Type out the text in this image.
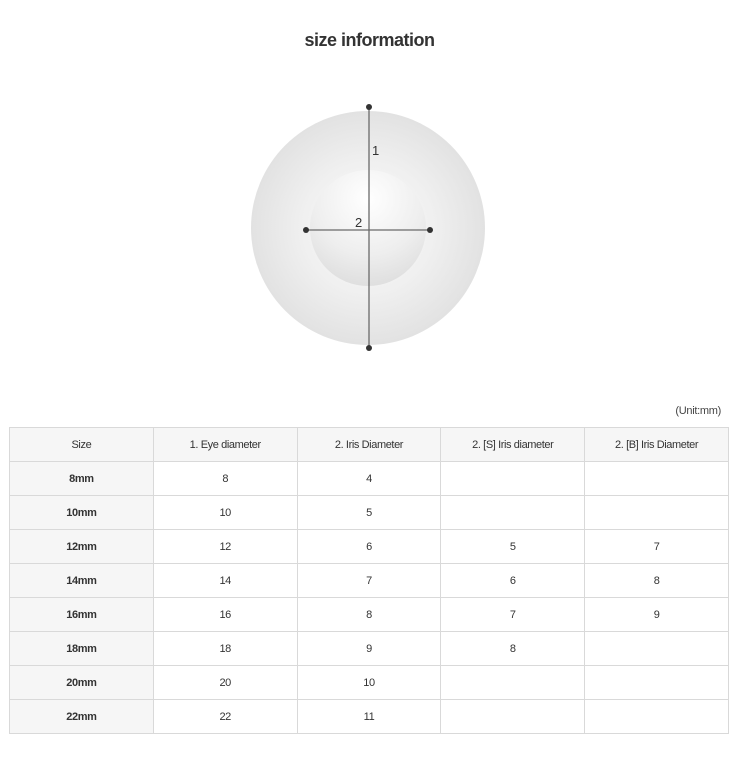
size information
1
2
(Unit:mm)
Size	1. Eye diameter	2. Iris Diameter	2. [S] Iris diameter	2. [B] Iris Diameter
8mm	8	4		
10mm	10	5		
12mm	12	6	5	7
14mm	14	7	6	8
16mm	16	8	7	9
18mm	18	9	8	
20mm	20	10		
22mm	22	11		
